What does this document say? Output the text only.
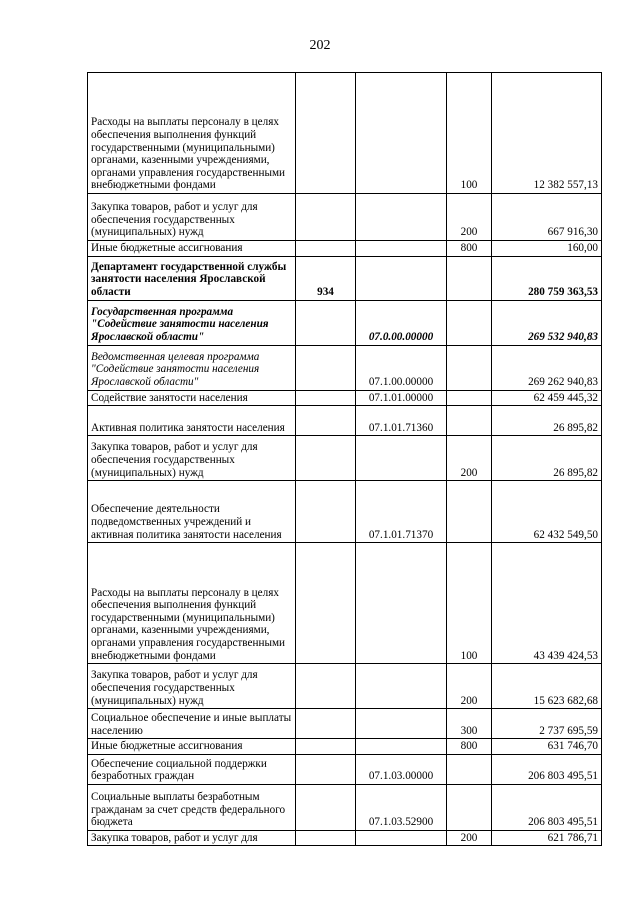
202
Расходы на выплаты персоналу в целях обеспечения выполнения функций государственными (муниципальными) органами, казенными учреждениями, органами управления государственными внебюджетными фондами			100	12 382 557,13
Закупка товаров, работ и услуг для обеспечения государственных (муниципальных) нужд			200	667 916,30
Иные бюджетные ассигнования			800	160,00
Департамент государственной службы занятости населения Ярославской области	934			280 759 363,53
Государственная программа "Содействие занятости населения Ярославской области"		07.0.00.00000		269 532 940,83
Ведомственная целевая программа "Содействие занятости населения Ярославской области"		07.1.00.00000		269 262 940,83
Содействие занятости населения		07.1.01.00000		62 459 445,32
Активная политика занятости населения		07.1.01.71360		26 895,82
Закупка товаров, работ и услуг для обеспечения государственных (муниципальных) нужд			200	26 895,82
Обеспечение деятельности подведомственных учреждений и активная политика занятости населения		07.1.01.71370		62 432 549,50
Расходы на выплаты персоналу в целях обеспечения выполнения функций государственными (муниципальными) органами, казенными учреждениями, органами управления государственными внебюджетными фондами			100	43 439 424,53
Закупка товаров, работ и услуг для обеспечения государственных (муниципальных) нужд			200	15 623 682,68
Социальное обеспечение и иные выплаты населению			300	2 737 695,59
Иные бюджетные ассигнования			800	631 746,70
Обеспечение социальной поддержки безработных граждан		07.1.03.00000		206 803 495,51
Социальные выплаты безработным гражданам за счет средств федерального бюджета		07.1.03.52900		206 803 495,51
Закупка товаров, работ и услуг для			200	621 786,71
